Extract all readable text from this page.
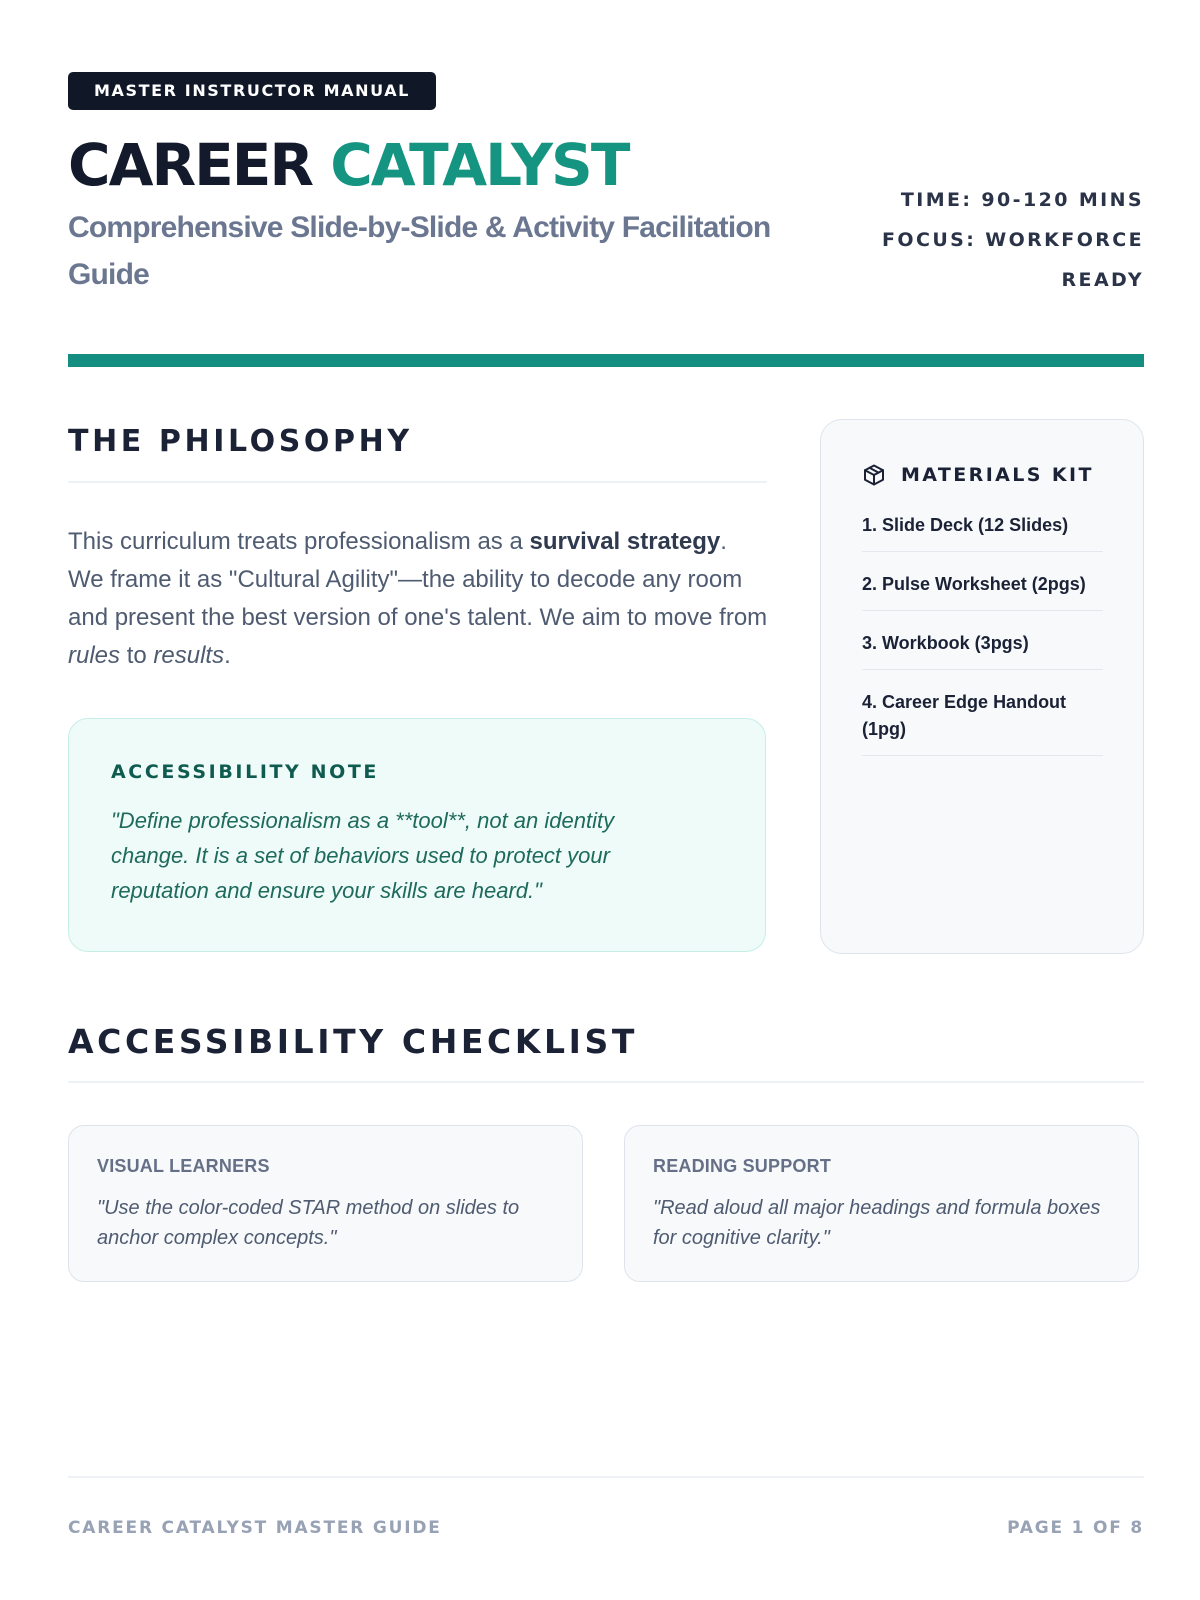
MASTER INSTRUCTOR MANUAL
CAREER CATALYST
Comprehensive Slide-by-Slide & Activity Facilitation Guide
TIME: 90-120 MINS
FOCUS: WORKFORCE READY
THE PHILOSOPHY
This curriculum treats professionalism as a survival strategy. We frame it as "Cultural Agility"—the ability to decode any room and present the best version of one's talent. We aim to move from rules to results.
ACCESSIBILITY NOTE
"Define professionalism as a **tool**, not an identity change. It is a set of behaviors used to protect your reputation and ensure your skills are heard."
MATERIALS KIT
1. Slide Deck (12 Slides)
2. Pulse Worksheet (2pgs)
3. Workbook (3pgs)
4. Career Edge Handout (1pg)
ACCESSIBILITY CHECKLIST
VISUAL LEARNERS
"Use the color-coded STAR method on slides to anchor complex concepts."
READING SUPPORT
"Read aloud all major headings and formula boxes for cognitive clarity."
CAREER CATALYST MASTER GUIDE	PAGE 1 OF 8
